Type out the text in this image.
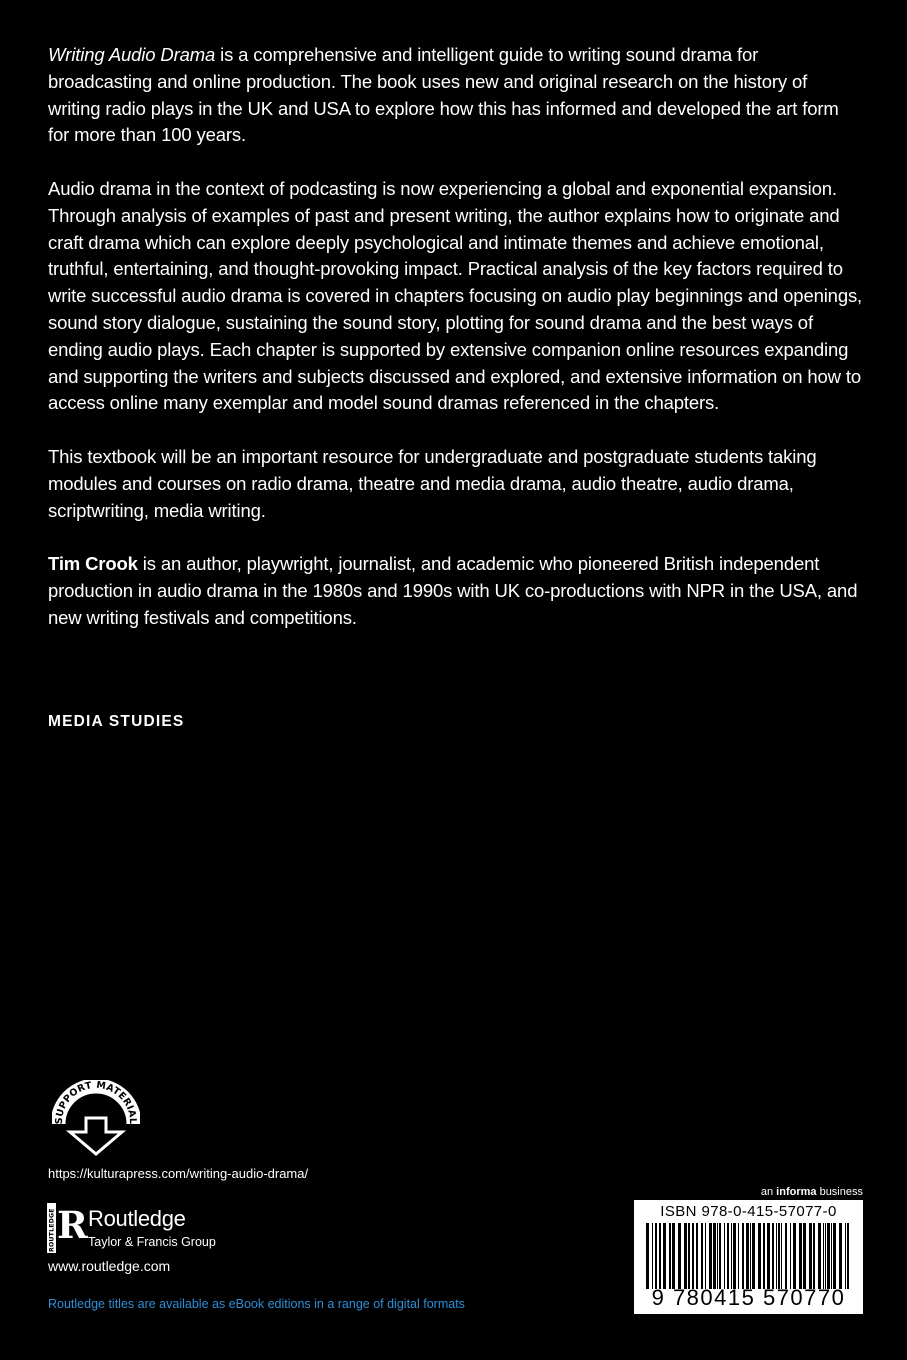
Writing Audio Drama is a comprehensive and intelligent guide to writing sound drama for broadcasting and online production. The book uses new and original research on the history of writing radio plays in the UK and USA to explore how this has informed and developed the art form for more than 100 years.

Audio drama in the context of podcasting is now experiencing a global and exponential expansion. Through analysis of examples of past and present writing, the author explains how to originate and craft drama which can explore deeply psychological and intimate themes and achieve emotional, truthful, entertaining, and thought-provoking impact. Practical analysis of the key factors required to write successful audio drama is covered in chapters focusing on audio play beginnings and openings, sound story dialogue, sustaining the sound story, plotting for sound drama and the best ways of ending audio plays. Each chapter is supported by extensive companion online resources expanding and supporting the writers and subjects discussed and explored, and extensive information on how to access online many exemplar and model sound dramas referenced in the chapters.

This textbook will be an important resource for undergraduate and postgraduate students taking modules and courses on radio drama, theatre and media drama, audio theatre, audio drama, scriptwriting, media writing.

Tim Crook is an author, playwright, journalist, and academic who pioneered British independent production in audio drama in the 1980s and 1990s with UK co-productions with NPR in the USA, and new writing festivals and competitions.

MEDIA STUDIES
SUPPORT MATERIAL
https://kulturapress.com/writing-audio-drama/
ROUTLEDGE R Routledge
Taylor & Francis Group
www.routledge.com
Routledge titles are available as eBook editions in a range of digital formats
an informa business
ISBN 978-0-415-57077-0
9 780415 570770
